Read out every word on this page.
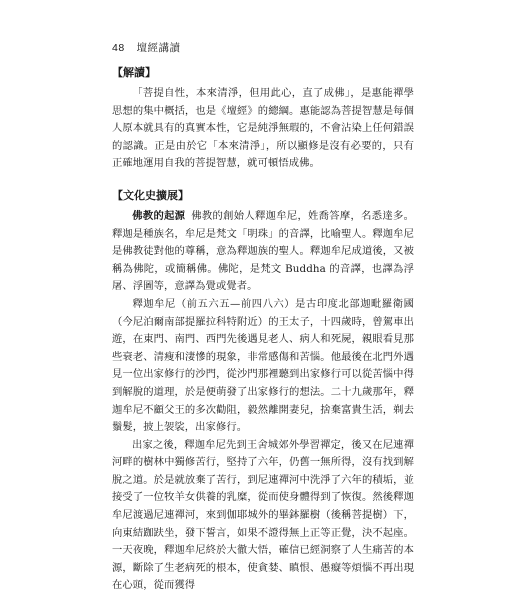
48 壇經講讀
【解讀】

「菩提自性，本來清淨，但用此心，直了成佛」，是惠能禪學思想的集中概括，也是《壇經》的總綱。惠能認為菩提智慧是每個人原本就具有的真實本性，它是純淨無瑕的，不會沾染上任何錯誤的認識。正是由於它「本來清淨」，所以顯修是沒有必要的，只有正確地運用自我的菩提智慧，就可頓悟成佛。

【文化史擴展】

佛教的起源 佛教的創始人釋迦牟尼，姓喬答摩，名悉達多。釋迦是種族名，牟尼是梵文「明珠」的音譯，比喻聖人。釋迦牟尼是佛教徒對他的尊稱，意為釋迦族的聖人。釋迦牟尼成道後，又被稱為佛陀，或簡稱佛。佛陀，是梵文 Buddha 的音譯，也譯為浮屠、浮圖等，意譯為覺或覺者。

釋迦牟尼（前五六五—前四八六）是古印度北部迦毗羅衛國（今尼泊爾南部提羅拉科特附近）的王太子，十四歲時，曾駕車出遊，在東門、南門、西門先後遇見老人、病人和死屍，親眼看見那些衰老、清瘦和淒慘的現象，非常感傷和苦惱。他最後在北門外遇見一位出家修行的沙門，從沙門那裡聽到出家修行可以從苦惱中得到解脫的道理，於是便萌發了出家修行的想法。二十九歲那年，釋迦牟尼不顧父王的多次勸阻，毅然離開妻兒，捨棄富貴生活，剃去鬚髮，披上袈裟，出家修行。

出家之後，釋迦牟尼先到王舍城郊外學習禪定，後又在尼連禪河畔的樹林中獨修苦行，堅持了六年，仍舊一無所得，沒有找到解脫之道。於是就放棄了苦行，到尼連禪河中洗淨了六年的積垢，並接受了一位牧羊女供養的乳糜，從而使身體得到了恢復。然後釋迦牟尼渡過尼連禪河，來到伽耶城外的畢鉢羅樹（後稱菩提樹）下，向東結跏趺坐，發下誓言，如果不證得無上正等正覺，決不起座。一天夜晚，釋迦牟尼終於大徹大悟，確信已經洞察了人生痛苦的本源，斷除了生老病死的根本，使貪婪、瞋恨、愚癡等煩惱不再出現在心頭，從而獲得
